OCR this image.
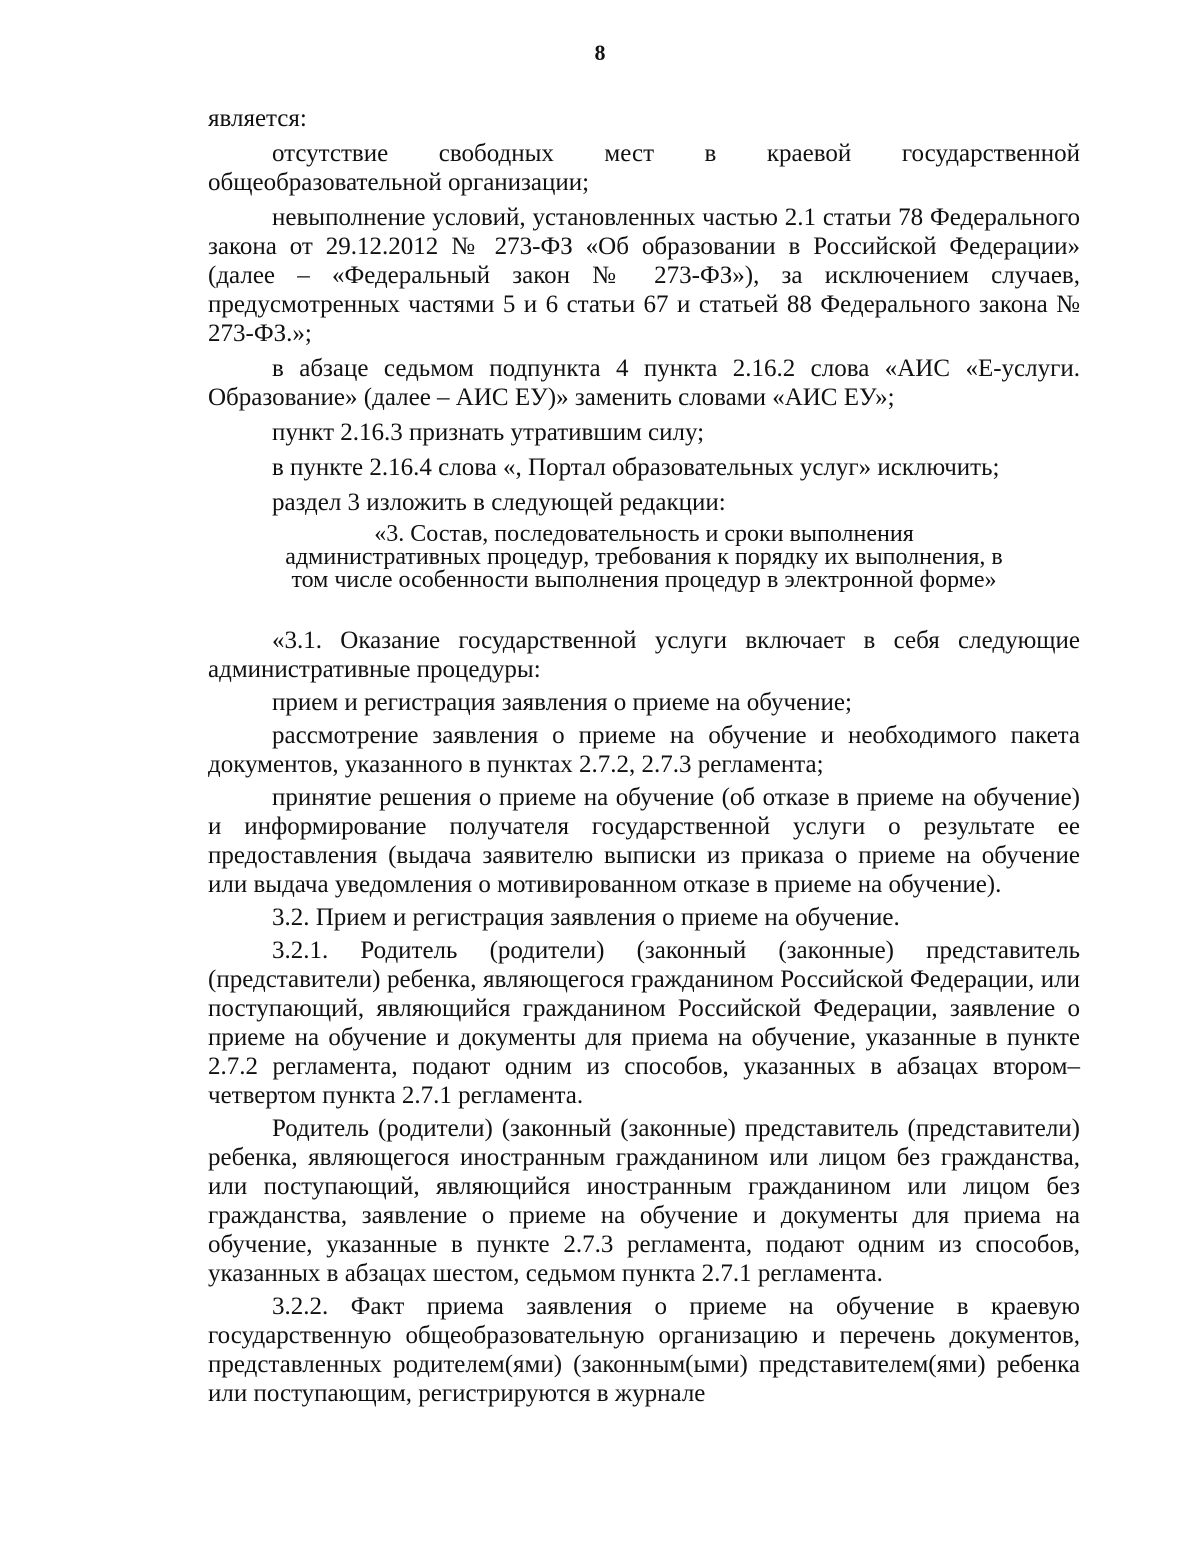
8

является:

отсутствие свободных мест в краевой государственной общеобразовательной организации;

невыполнение условий, установленных частью 2.1 статьи 78 Федерального закона от 29.12.2012 № 273-ФЗ «Об образовании в Российской Федерации» (далее – «Федеральный закон № 273-ФЗ»), за исключением случаев, предусмотренных частями 5 и 6 статьи 67 и статьей 88 Федерального закона № 273-ФЗ.»;

в абзаце седьмом подпункта 4 пункта 2.16.2 слова «АИС «Е-услуги. Образование» (далее – АИС ЕУ)» заменить словами «АИС ЕУ»;

пункт 2.16.3 признать утратившим силу;

в пункте 2.16.4 слова «, Портал образовательных услуг» исключить;

раздел 3 изложить в следующей редакции:

«3. Состав, последовательность и сроки выполнения административных процедур, требования к порядку их выполнения, в том числе особенности выполнения процедур в электронной форме»

«3.1. Оказание государственной услуги включает в себя следующие административные процедуры:

прием и регистрация заявления о приеме на обучение;

рассмотрение заявления о приеме на обучение и необходимого пакета документов, указанного в пунктах 2.7.2, 2.7.3 регламента;

принятие решения о приеме на обучение (об отказе в приеме на обучение) и информирование получателя государственной услуги о результате ее предоставления (выдача заявителю выписки из приказа о приеме на обучение или выдача уведомления о мотивированном отказе в приеме на обучение).

3.2. Прием и регистрация заявления о приеме на обучение.

3.2.1. Родитель (родители) (законный (законные) представитель (представители) ребенка, являющегося гражданином Российской Федерации, или поступающий, являющийся гражданином Российской Федерации, заявление о приеме на обучение и документы для приема на обучение, указанные в пункте 2.7.2 регламента, подают одним из способов, указанных в абзацах втором–четвертом пункта 2.7.1 регламента.

Родитель (родители) (законный (законные) представитель (представители) ребенка, являющегося иностранным гражданином или лицом без гражданства, или поступающий, являющийся иностранным гражданином или лицом без гражданства, заявление о приеме на обучение и документы для приема на обучение, указанные в пункте 2.7.3 регламента, подают одним из способов, указанных в абзацах шестом, седьмом пункта 2.7.1 регламента.

3.2.2. Факт приема заявления о приеме на обучение в краевую государственную общеобразовательную организацию и перечень документов, представленных родителем(ями) (законным(ыми) представителем(ями) ребенка или поступающим, регистрируются в журнале
